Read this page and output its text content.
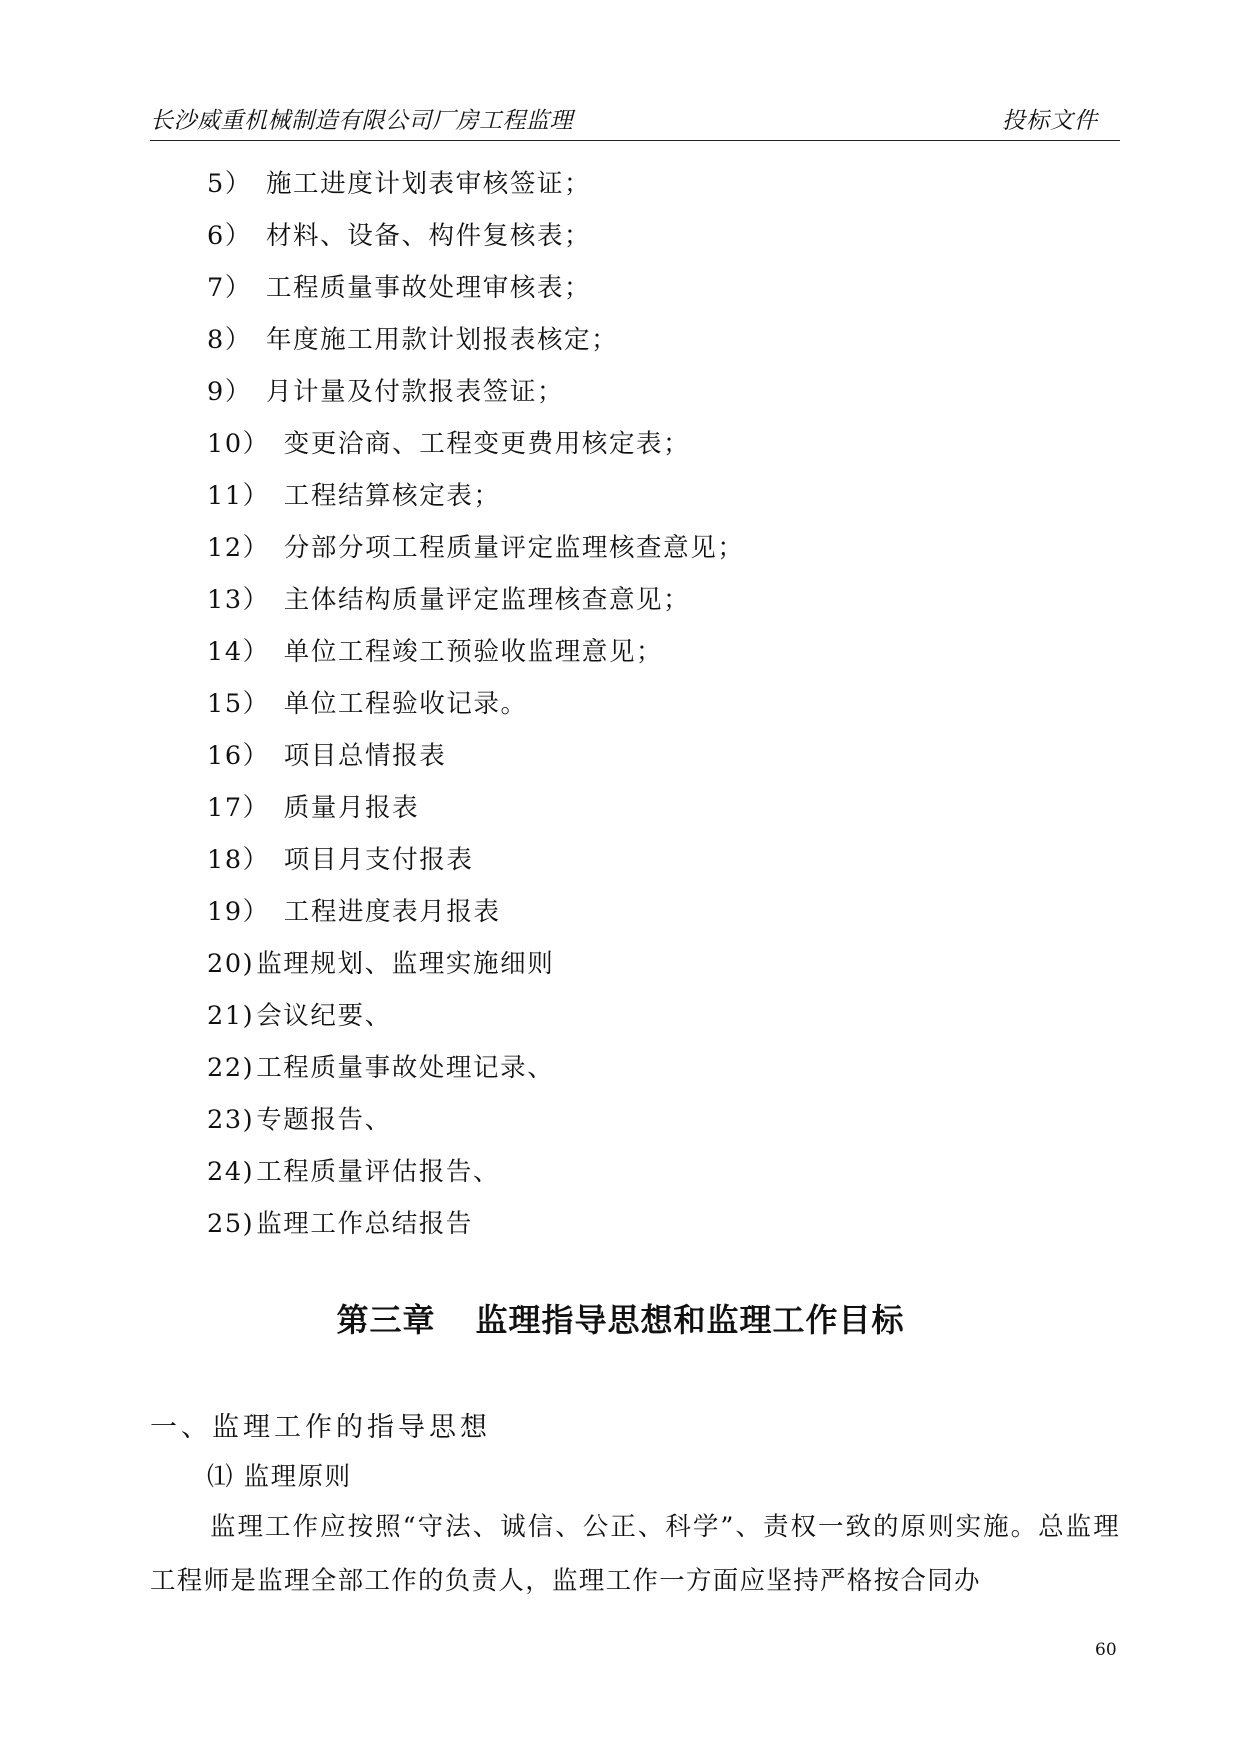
长沙威重机械制造有限公司厂房工程监理	投标文件
5） 施工进度计划表审核签证；
6） 材料、设备、构件复核表；
7） 工程质量事故处理审核表；
8） 年度施工用款计划报表核定；
9） 月计量及付款报表签证；
10） 变更洽商、工程变更费用核定表；
11） 工程结算核定表；
12） 分部分项工程质量评定监理核查意见；
13） 主体结构质量评定监理核查意见；
14） 单位工程竣工预验收监理意见；
15） 单位工程验收记录。
16） 项目总情报表
17） 质量月报表
18） 项目月支付报表
19） 工程进度表月报表
20)监理规划、监理实施细则
21)会议纪要、
22)工程质量事故处理记录、
23)专题报告、
24)工程质量评估报告、
25)监理工作总结报告
第三章 监理指导思想和监理工作目标
一、监理工作的指导思想
⑴ 监理原则
监理工作应按照“守法、诚信、公正、科学”、责权一致的原则实施。总监理工程师是监理全部工作的负责人，监理工作一方面应坚持严格按合同办
60
